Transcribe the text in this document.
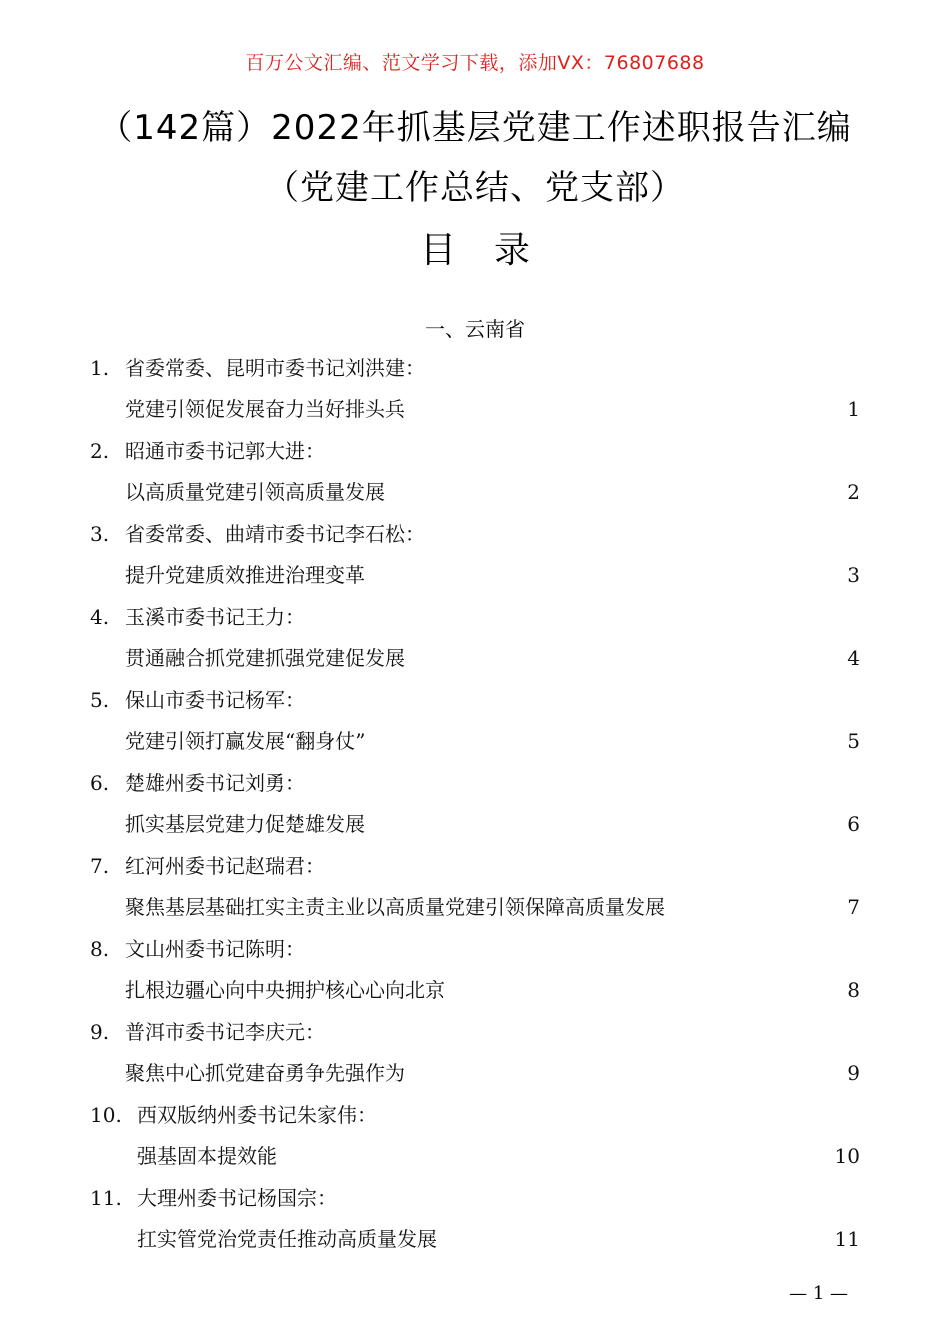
百万公文汇编、范文学习下载，添加VX：76807688
（142篇）2022年抓基层党建工作述职报告汇编
（党建工作总结、党支部）
目 录
一、云南省
1. 省委常委、昆明市委书记刘洪建：
党建引领促发展奋力当好排头兵	1
2. 昭通市委书记郭大进：
以高质量党建引领高质量发展	2
3. 省委常委、曲靖市委书记李石松：
提升党建质效推进治理变革	3
4. 玉溪市委书记王力：
贯通融合抓党建抓强党建促发展	4
5. 保山市委书记杨军：
党建引领打赢发展“翻身仗”	5
6. 楚雄州委书记刘勇：
抓实基层党建力促楚雄发展	6
7. 红河州委书记赵瑞君：
聚焦基层基础扛实主责主业以高质量党建引领保障高质量发展	7
8. 文山州委书记陈明：
扎根边疆心向中央拥护核心心向北京	8
9. 普洱市委书记李庆元：
聚焦中心抓党建奋勇争先强作为	9
10. 西双版纳州委书记朱家伟：
强基固本提效能	10
11. 大理州委书记杨国宗：
扛实管党治党责任推动高质量发展	11
— 1 —
